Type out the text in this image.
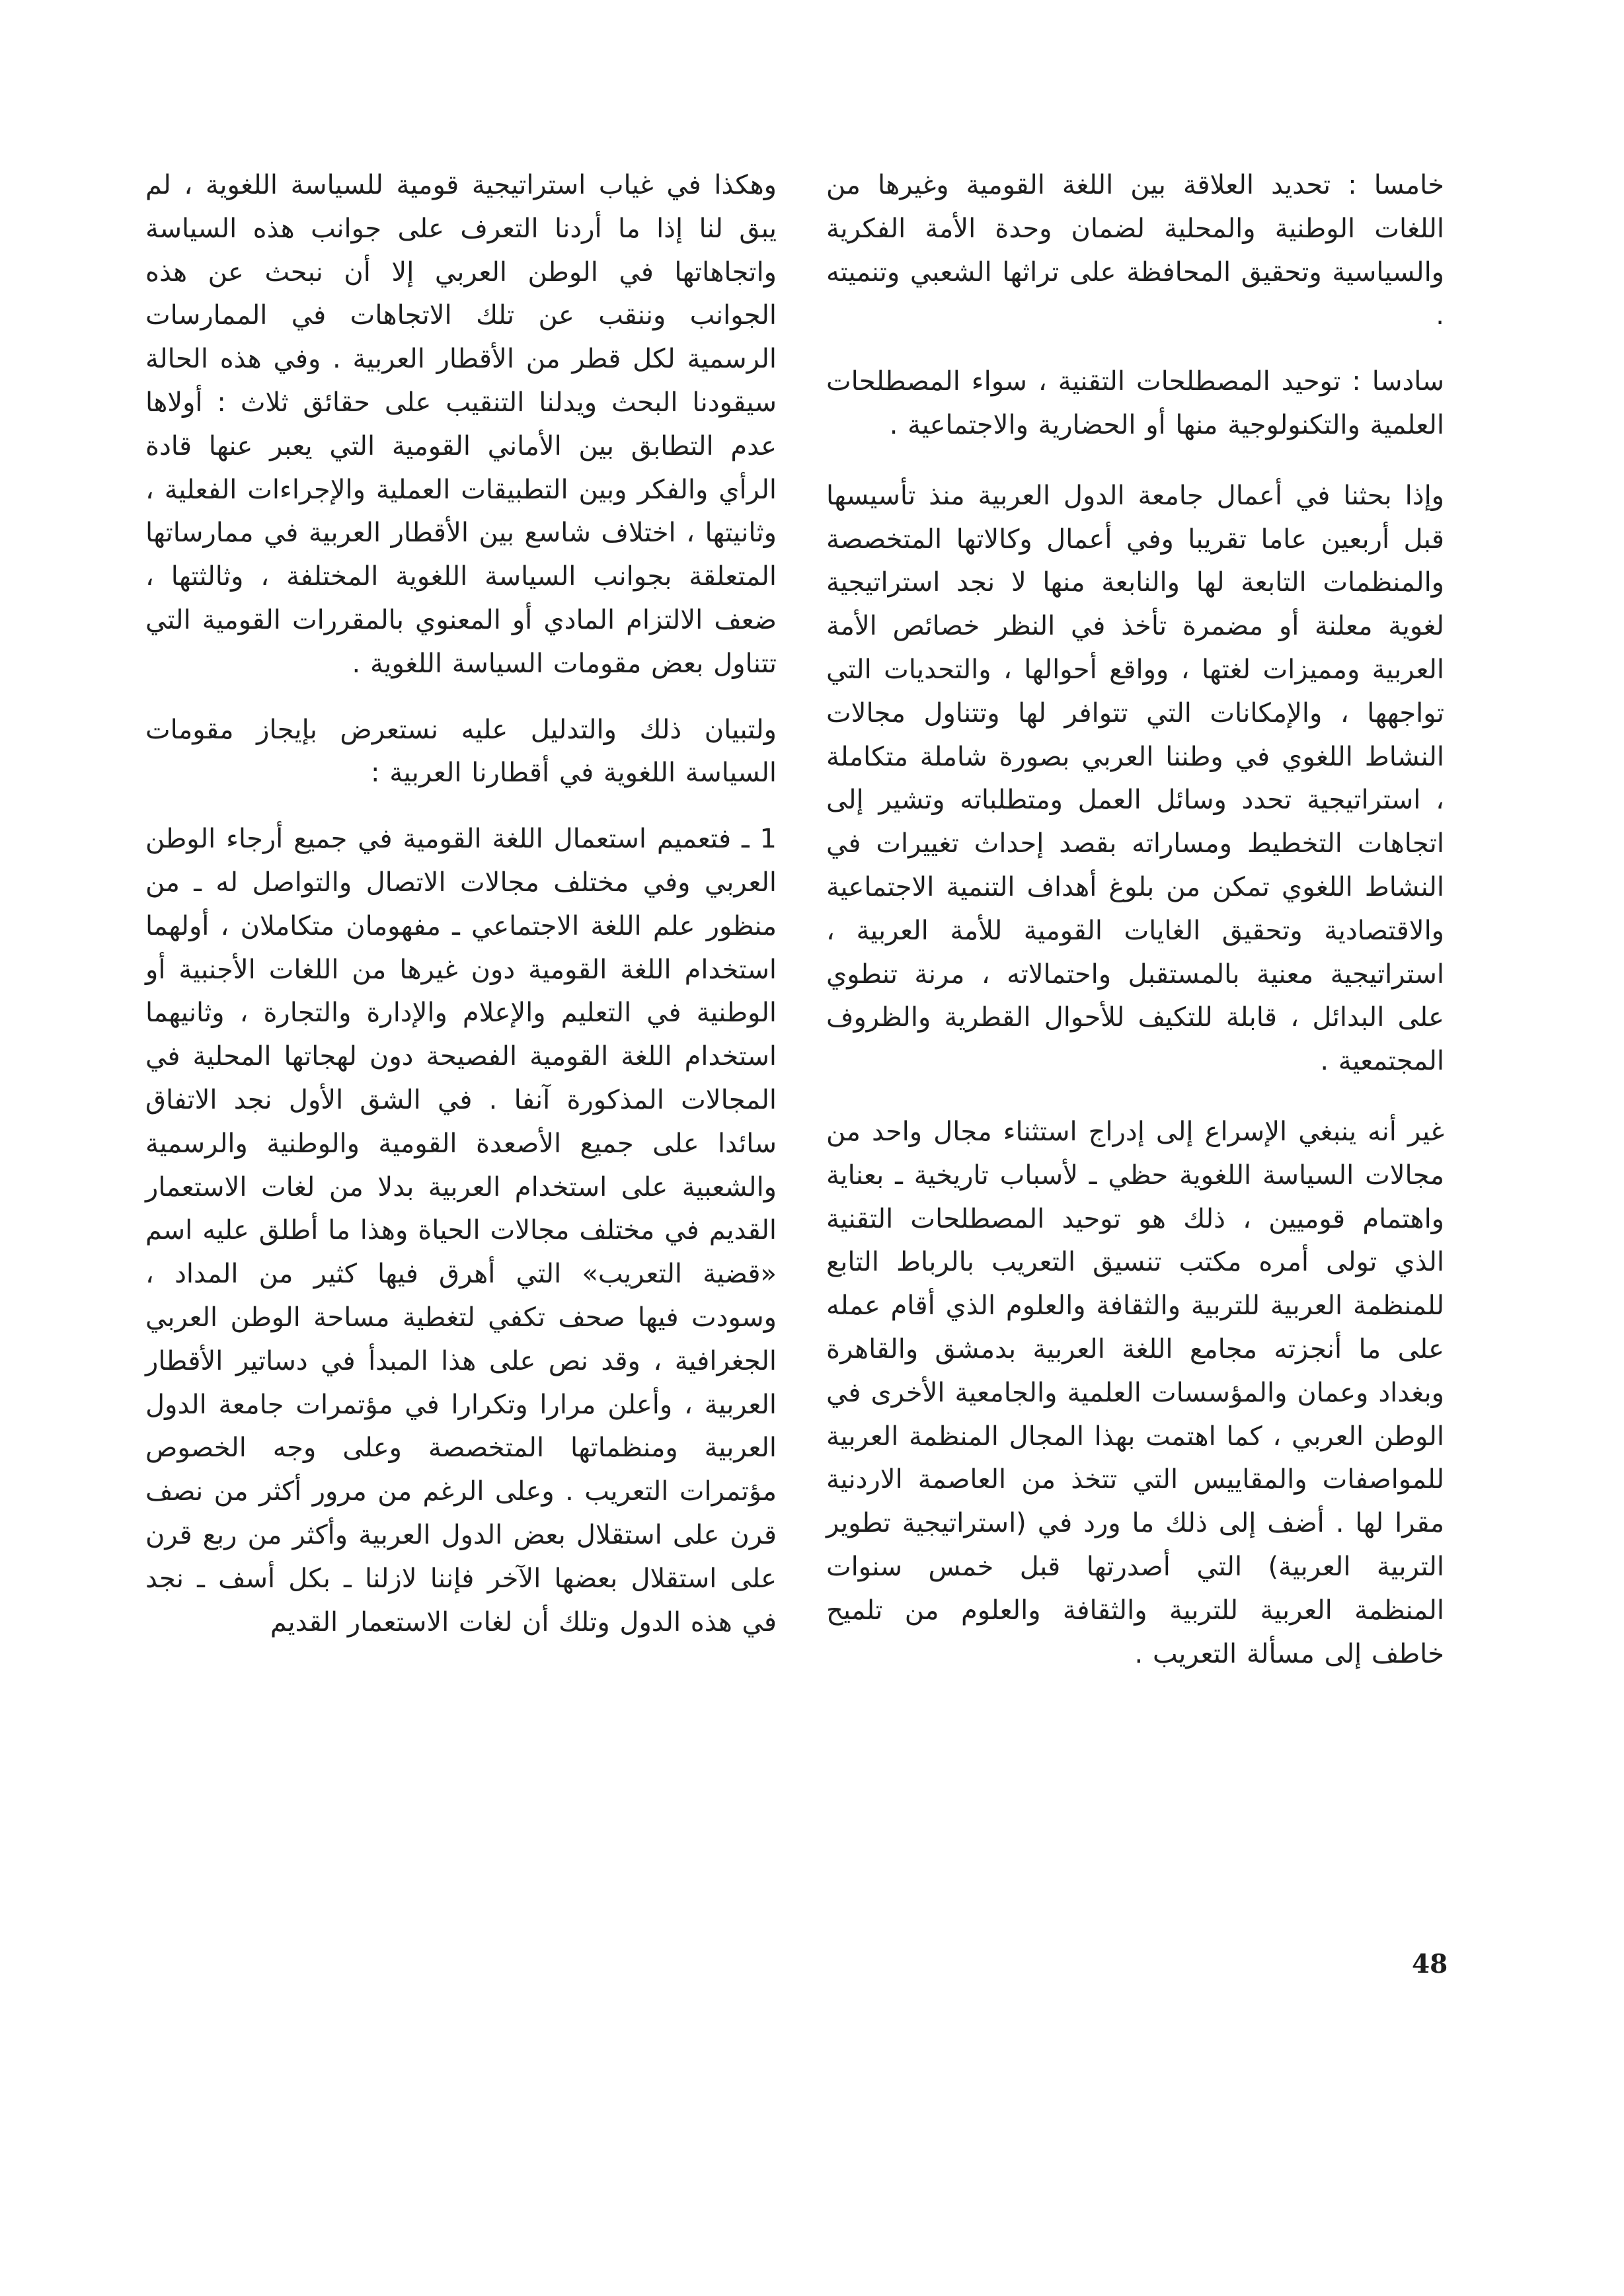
خامسا : تحديد العلاقة بين اللغة القومية وغيرها من اللغات الوطنية والمحلية لضمان وحدة الأمة الفكرية والسياسية وتحقيق المحافظة على تراثها الشعبي وتنميته .

سادسا : توحيد المصطلحات التقنية ، سواء المصطلحات العلمية والتكنولوجية منها أو الحضارية والاجتماعية .

وإذا بحثنا في أعمال جامعة الدول العربية منذ تأسيسها قبل أربعين عاما تقريبا وفي أعمال وكالاتها المتخصصة والمنظمات التابعة لها والنابعة منها لا نجد استراتيجية لغوية معلنة أو مضمرة تأخذ في النظر خصائص الأمة العربية ومميزات لغتها ، وواقع أحوالها ، والتحديات التي تواجهها ، والإمكانات التي تتوافر لها وتتناول مجالات النشاط اللغوي في وطننا العربي بصورة شاملة متكاملة ، استراتيجية تحدد وسائل العمل ومتطلباته وتشير إلى اتجاهات التخطيط ومساراته بقصد إحداث تغييرات في النشاط اللغوي تمكن من بلوغ أهداف التنمية الاجتماعية والاقتصادية وتحقيق الغايات القومية للأمة العربية ، استراتيجية معنية بالمستقبل واحتمالاته ، مرنة تنطوي على البدائل ، قابلة للتكيف للأحوال القطرية والظروف المجتمعية .

غير أنه ينبغي الإسراع إلى إدراج استثناء مجال واحد من مجالات السياسة اللغوية حظي ـ لأسباب تاريخية ـ بعناية واهتمام قوميين ، ذلك هو توحيد المصطلحات التقنية الذي تولى أمره مكتب تنسيق التعريب بالرباط التابع للمنظمة العربية للتربية والثقافة والعلوم الذي أقام عمله على ما أنجزته مجامع اللغة العربية بدمشق والقاهرة وبغداد وعمان والمؤسسات العلمية والجامعية الأخرى في الوطن العربي ، كما اهتمت بهذا المجال المنظمة العربية للمواصفات والمقاييس التي تتخذ من العاصمة الاردنية مقرا لها . أضف إلى ذلك ما ورد في (استراتيجية تطوير التربية العربية) التي أصدرتها قبل خمس سنوات المنظمة العربية للتربية والثقافة والعلوم من تلميح خاطف إلى مسألة التعريب .

وهكذا في غياب استراتيجية قومية للسياسة اللغوية ، لم يبق لنا إذا ما أردنا التعرف على جوانب هذه السياسة واتجاهاتها في الوطن العربي إلا أن نبحث عن هذه الجوانب وننقب عن تلك الاتجاهات في الممارسات الرسمية لكل قطر من الأقطار العربية . وفي هذه الحالة سيقودنا البحث ويدلنا التنقيب على حقائق ثلاث : أولاها عدم التطابق بين الأماني القومية التي يعبر عنها قادة الرأي والفكر وبين التطبيقات العملية والإجراءات الفعلية ، وثانيتها ، اختلاف شاسع بين الأقطار العربية في ممارساتها المتعلقة بجوانب السياسة اللغوية المختلفة ، وثالثتها ، ضعف الالتزام المادي أو المعنوي بالمقررات القومية التي تتناول بعض مقومات السياسة اللغوية .

ولتبيان ذلك والتدليل عليه نستعرض بإيجاز مقومات السياسة اللغوية في أقطارنا العربية :

1 ـ فتعميم استعمال اللغة القومية في جميع أرجاء الوطن العربي وفي مختلف مجالات الاتصال والتواصل له ـ من منظور علم اللغة الاجتماعي ـ مفهومان متكاملان ، أولهما استخدام اللغة القومية دون غيرها من اللغات الأجنبية أو الوطنية في التعليم والإعلام والإدارة والتجارة ، وثانيهما استخدام اللغة القومية الفصيحة دون لهجاتها المحلية في المجالات المذكورة آنفا . في الشق الأول نجد الاتفاق سائدا على جميع الأصعدة القومية والوطنية والرسمية والشعبية على استخدام العربية بدلا من لغات الاستعمار القديم في مختلف مجالات الحياة وهذا ما أطلق عليه اسم «قضية التعريب» التي أهرق فيها كثير من المداد ، وسودت فيها صحف تكفي لتغطية مساحة الوطن العربي الجغرافية ، وقد نص على هذا المبدأ في دساتير الأقطار العربية ، وأعلن مرارا وتكرارا في مؤتمرات جامعة الدول العربية ومنظماتها المتخصصة وعلى وجه الخصوص مؤتمرات التعريب . وعلى الرغم من مرور أكثر من نصف قرن على استقلال بعض الدول العربية وأكثر من ربع قرن على استقلال بعضها الآخر فإننا لازلنا ـ بكل أسف ـ نجد في هذه الدول وتلك أن لغات الاستعمار القديم

48
